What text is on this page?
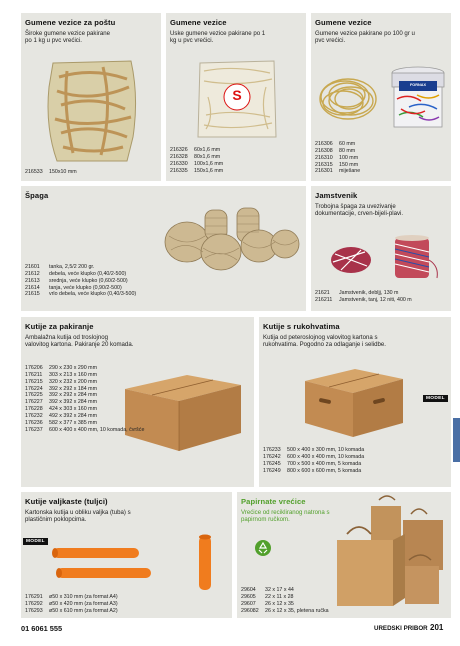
Gumene vezice za poštu
Široke gumene vezice pakirane
po 1 kg u pvc vrećici.
216533	150x10 mm
Gumene vezice
Uske gumene vezice pakirane po 1
kg u pvc vrećici.
S
216326	60x1,6 mm
216328	80x1,6 mm
216330	100x1,6 mm
216335	150x1,6 mm
Gumene vezice
Gumene vezice pakirane po 100 gr u
pvc vrećici.
FORNAX
216306	60 mm
216308	80 mm
216310	100 mm
216315	150 mm
216301	miješane
Špaga
21601	tanka, 2,5/2 200 gr.
21612	debela, veće klupko (0,40/2-500)
21613	srednja, veće klupko (0,60/2-500)
21614	tanja, veće klupko (0,90/2-500)
21615	vrlo debela, veće klupko (0,40/3-500)
Jamstvenik
Trobojna špaga za uvezivanje
dokumentacije, crven-bijeli-plavi.
21621	Jamstvenik, debljj, 130 m
216211	Jamstvenik, tanj, 12 niti, 400 m
Kutije za pakiranje
Ambalažna kutija od troslojnog
valovitog kartona. Pakiranje 20 komada.
176206	290 x 230 x 290 mm
176211	303 x 213 x 160 mm
176215	320 x 232 x 200 mm
176224	392 x 292 x 184 mm
176225	392 x 292 x 284 mm
176227	392 x 392 x 284 mm
176228	424 x 303 x 160 mm
176232	492 x 392 x 284 mm
176236	582 x 377 x 385 mm
176237	600 x 400 x 400 mm, 10 komada, čvršće
Kutije s rukohvatima
Kutija od peteroslojnog valovitog kartona s
rukohvatima. Pogodno za odlaganje i selidbe.
MODEL
176233	500 x 400 x 300 mm, 10 komada
176242	600 x 400 x 400 mm, 10 komada
176245	700 x 500 x 400 mm, 5 komada
176249	800 x 600 x 600 mm, 5 komada
Kutije valjkaste (tuljci)
Kartonska kutija u obliku valjka (tuba) s
plastičnim poklopcima.
MODEL
176291	ø50 x 310 mm (za format A4)
176292	ø50 x 420 mm (za format A3)
176293	ø50 x 610 mm (za format A2)
Papirnate vrećice
Vrećice od recikliranog natrona s
papirnom ručkom.
29604	32 x 17 x 44
29605	22 x 11 x 28
29607	26 x 12 x 35
296082	26 x 12 x 35, pletena ručka
01 6061 555	UREDSKI PRIBOR 201
